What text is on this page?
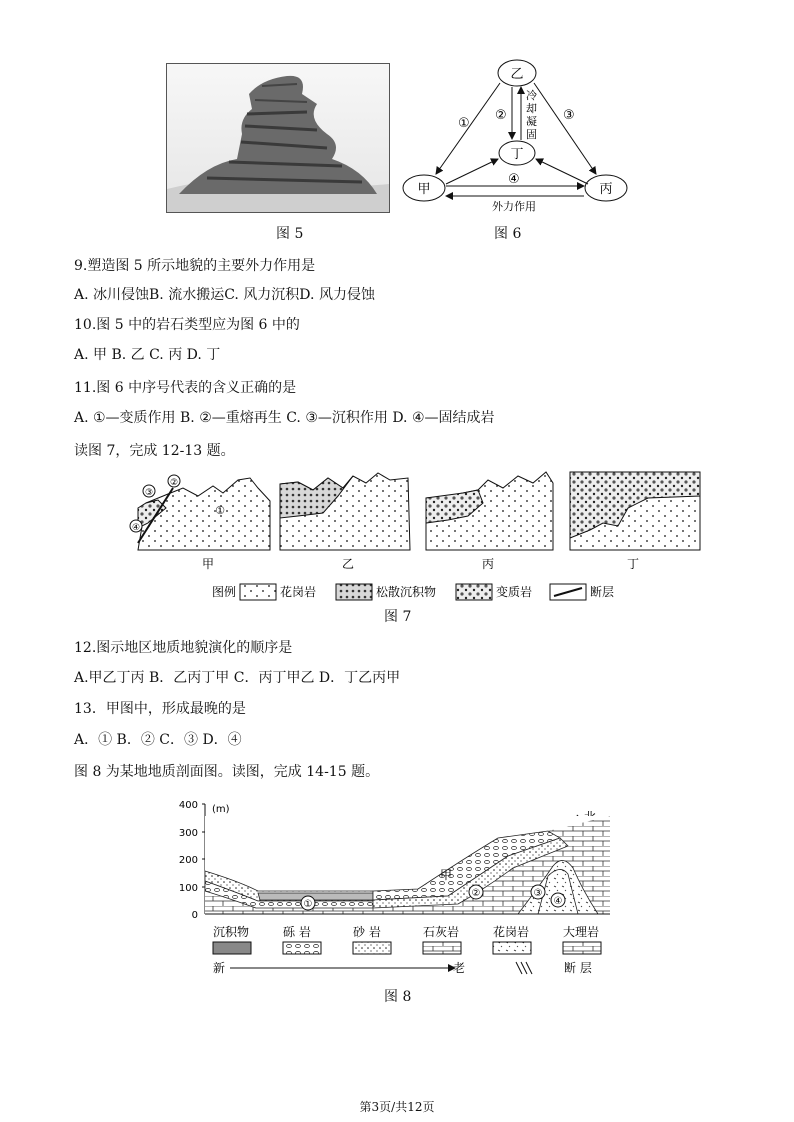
图 5
乙
丁
甲	丙
①
②	③
④
冷
却
凝
固
外力作用
图 6
9.塑造图 5 所示地貌的主要外力作用是
A. 冰川侵蚀B. 流水搬运C. 风力沉积D. 风力侵蚀
10.图 5 中的岩石类型应为图 6 中的
A. 甲 B. 乙 C. 丙 D. 丁
11.图 6 中序号代表的含义正确的是
A. ①—变质作用 B. ②—重熔再生 C. ③—沉积作用 D. ④—固结成岩
读图 7，完成 12-13 题。
③
②
④
①
甲	乙	丙	丁
图例	花岗岩	松散沉积物	变质岩	断层
图 7
12.图示地区地质地貌演化的顺序是
A.甲乙丁丙 B．乙丙丁甲 C．丙丁甲乙 D．丁乙丙甲
13．甲图中，形成最晚的是
A．① B．② C．③ D．④
图 8 为某地地质剖面图。读图，完成 14-15 题。
400
300
200
100
0
(m)
①
②	③
④
甲
沉积物	砾 岩	砂 岩	石灰岩	花岗岩	大理岩
新	老	断 层
图 8
第3页/共12页
